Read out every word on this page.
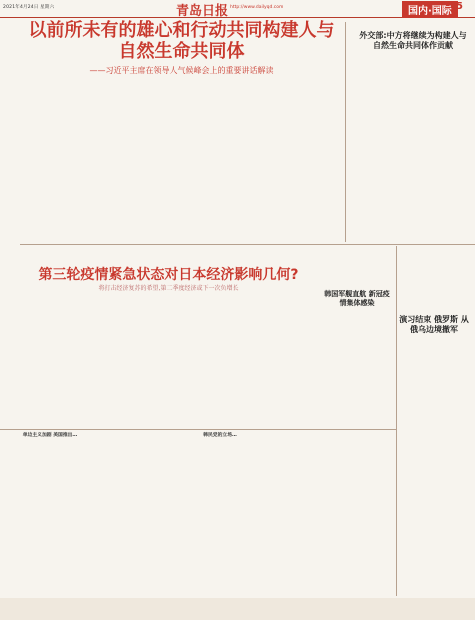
2021年4月24日 星期六	青岛日报 http://www.dailyqd.com	国内·国际 5
以前所未有的雄心和行动共同构建人与自然生命共同体
——习近平主席在领导人气候峰会上的重要讲话解读
外交部:中方将继续为构建人与自然生命共同体作贡献

第三轮疫情紧急状态对日本经济影响几何?
将打击经济复苏的希望,第二季度经济或下一次负增长
韩国军舰直航 新冠疫情集体感染
演习结束 俄罗斯 从俄乌边境撤军
单边主义加剧 美国推出…	韩民党的立场…
